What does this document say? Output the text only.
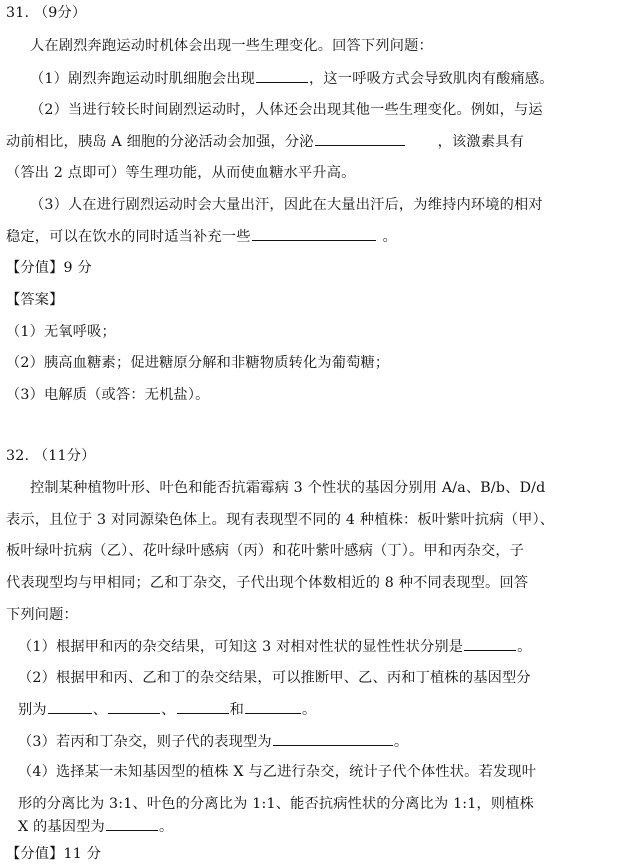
31. （9分）
人在剧烈奔跑运动时机体会出现一些生理变化。回答下列问题：
（1）剧烈奔跑运动时肌细胞会出现	，这一呼吸方式会导致肌肉有酸痛感。
（2）当进行较长时间剧烈运动时，人体还会出现其他一些生理变化。例如，与运
动前相比，胰岛 A 细胞的分泌活动会加强，分泌	，该激素具有
（答出 2 点即可）等生理功能，从而使血糖水平升高。
（3）人在进行剧烈运动时会大量出汗，因此在大量出汗后，为维持内环境的相对
稳定，可以在饮水的同时适当补充一些	。
【分值】9 分
【答案】
（1）无氧呼吸；
（2）胰高血糖素；促进糖原分解和非糖物质转化为葡萄糖；
（3）电解质（或答：无机盐）。
32. （11分）
控制某种植物叶形、叶色和能否抗霜霉病 3 个性状的基因分别用 A/a、B/b、D/d
表示，且位于 3 对同源染色体上。现有表现型不同的 4 种植株：板叶紫叶抗病（甲）、
板叶绿叶抗病（乙）、花叶绿叶感病（丙）和花叶紫叶感病（丁）。甲和丙杂交，子
代表现型均与甲相同；乙和丁杂交，子代出现个体数相近的 8 种不同表现型。回答
下列问题：
（1）根据甲和丙的杂交结果，可知这 3 对相对性状的显性性状分别是	。
（2）根据甲和丙、乙和丁的杂交结果，可以推断甲、乙、丙和丁植株的基因型分
别为	、	、	和	。
（3）若丙和丁杂交，则子代的表现型为	。
（4）选择某一未知基因型的植株 X 与乙进行杂交，统计子代个体性状。若发现叶
形的分离比为 3:1、叶色的分离比为 1:1、能否抗病性状的分离比为 1:1，则植株
X 的基因型为	。
【分值】11 分
